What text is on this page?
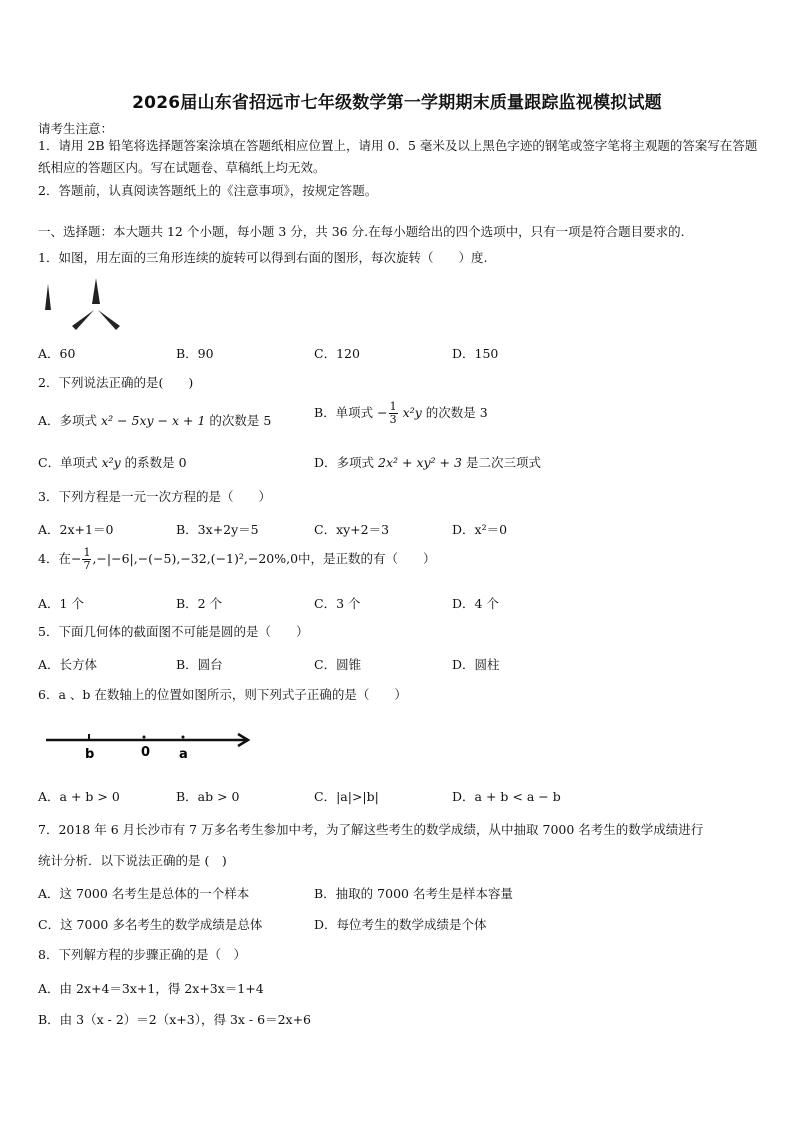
2026届山东省招远市七年级数学第一学期期末质量跟踪监视模拟试题
请考生注意：
1．请用 2B 铅笔将选择题答案涂填在答题纸相应位置上，请用 0．5 毫米及以上黑色字迹的钢笔或签字笔将主观题的答案写在答题纸相应的答题区内。写在试题卷、草稿纸上均无效。
2．答题前，认真阅读答题纸上的《注意事项》，按规定答题。
一、选择题：本大题共 12 个小题，每小题 3 分，共 36 分.在每小题给出的四个选项中，只有一项是符合题目要求的.
1．如图，用左面的三角形连续的旋转可以得到右面的图形，每次旋转（　　）度.
A．60	B．90	C．120	D．150
2．下列说法正确的是(　　)
A．多项式 x² − 5xy − x + 1 的次数是 5
B．单项式 − $\frac{1}{3} x^2y$ 的次数是 3
C．单项式 x²y 的系数是 0	D．多项式 2x² + xy² + 3 是二次三项式
3．下列方程是一元一次方程的是（　　）
A．2x+1＝0	B．3x+2y＝5	C．xy+2＝3	D．x²＝0
4．在− $\frac{1}{7} ,-|-6|,-(-5),-32,(-1)^2,-20\%,0$中，是正数的有（　　）
A．1 个	B．2 个	C．3 个	D．4 个
5．下面几何体的截面图不可能是圆的是（　　）
A．长方体	B．圆台	C．圆锥	D．圆柱
6．a 、b 在数轴上的位置如图所示，则下列式子正确的是（　　）
b	0 a
A．a + b > 0	B．ab > 0	C．|a|>|b|	D．a + b < a − b
7．2018 年 6 月长沙市有 7 万多名考生参加中考，为了解这些考生的数学成绩，从中抽取 7000 名考生的数学成绩进行
统计分析．以下说法正确的是 (　)
A．这 7000 名考生是总体的一个样本	B．抽取的 7000 名考生是样本容量
C．这 7000 多名考生的数学成绩是总体	D．每位考生的数学成绩是个体
8．下列解方程的步骤正确的是（　）
A．由 2x+4＝3x+1，得 2x+3x＝1+4
B．由 3（x - 2）＝2（x+3），得 3x - 6＝2x+6
